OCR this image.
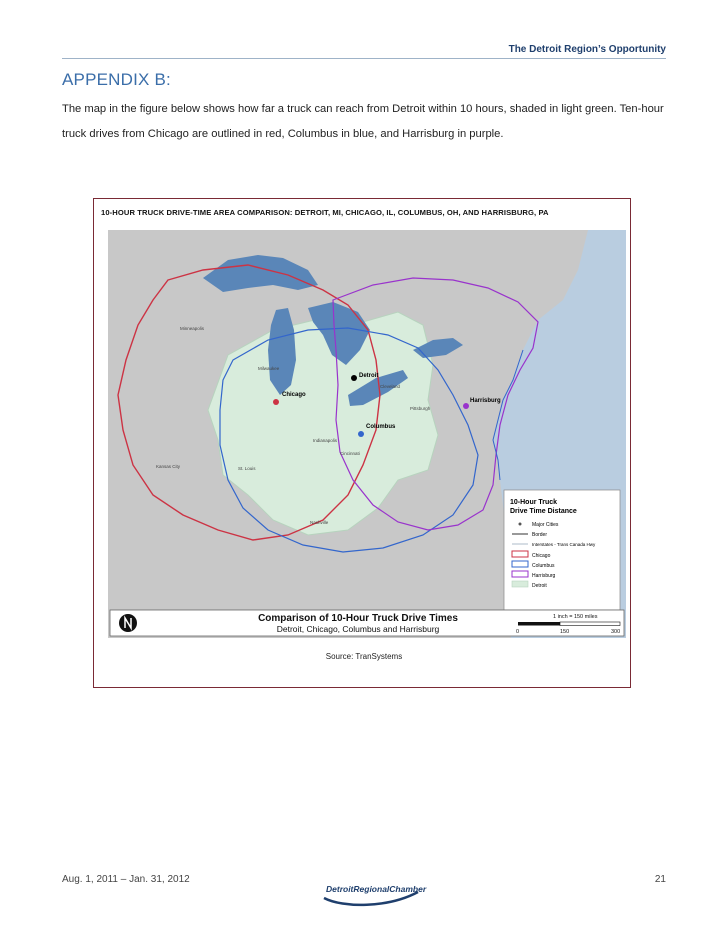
The Detroit Region’s Opportunity
APPENDIX B:
The map in the figure below shows how far a truck can reach from Detroit within 10 hours, shaded in light green. Ten-hour truck drives from Chicago are outlined in red, Columbus in blue, and Harrisburg in purple.
10-HOUR TRUCK DRIVE-TIME AREA COMPARISON: DETROIT, MI, CHICAGO, IL, COLUMBUS, OH, AND HARRISBURG, PA
Detroit
Chicago
Columbus
Harrisburg
Minneapolis
Milwaukee
Cleveland
Pittsburgh
Indianapolis
Cincinnati
St. Louis
Kansas City
Nashville
10-Hour Truck
Drive Time Distance
Major Cities
Border
Interstates - Trans Canada Hwy
Chicago
Columbus
Harrisburg
Detroit
Comparison of 10-Hour Truck Drive Times
Detroit, Chicago, Columbus and Harrisburg
1 inch = 150 miles
0	150	300
Source: TranSystems
Aug. 1, 2011 – Jan. 31, 2012
DetroitRegionalChamber
21
